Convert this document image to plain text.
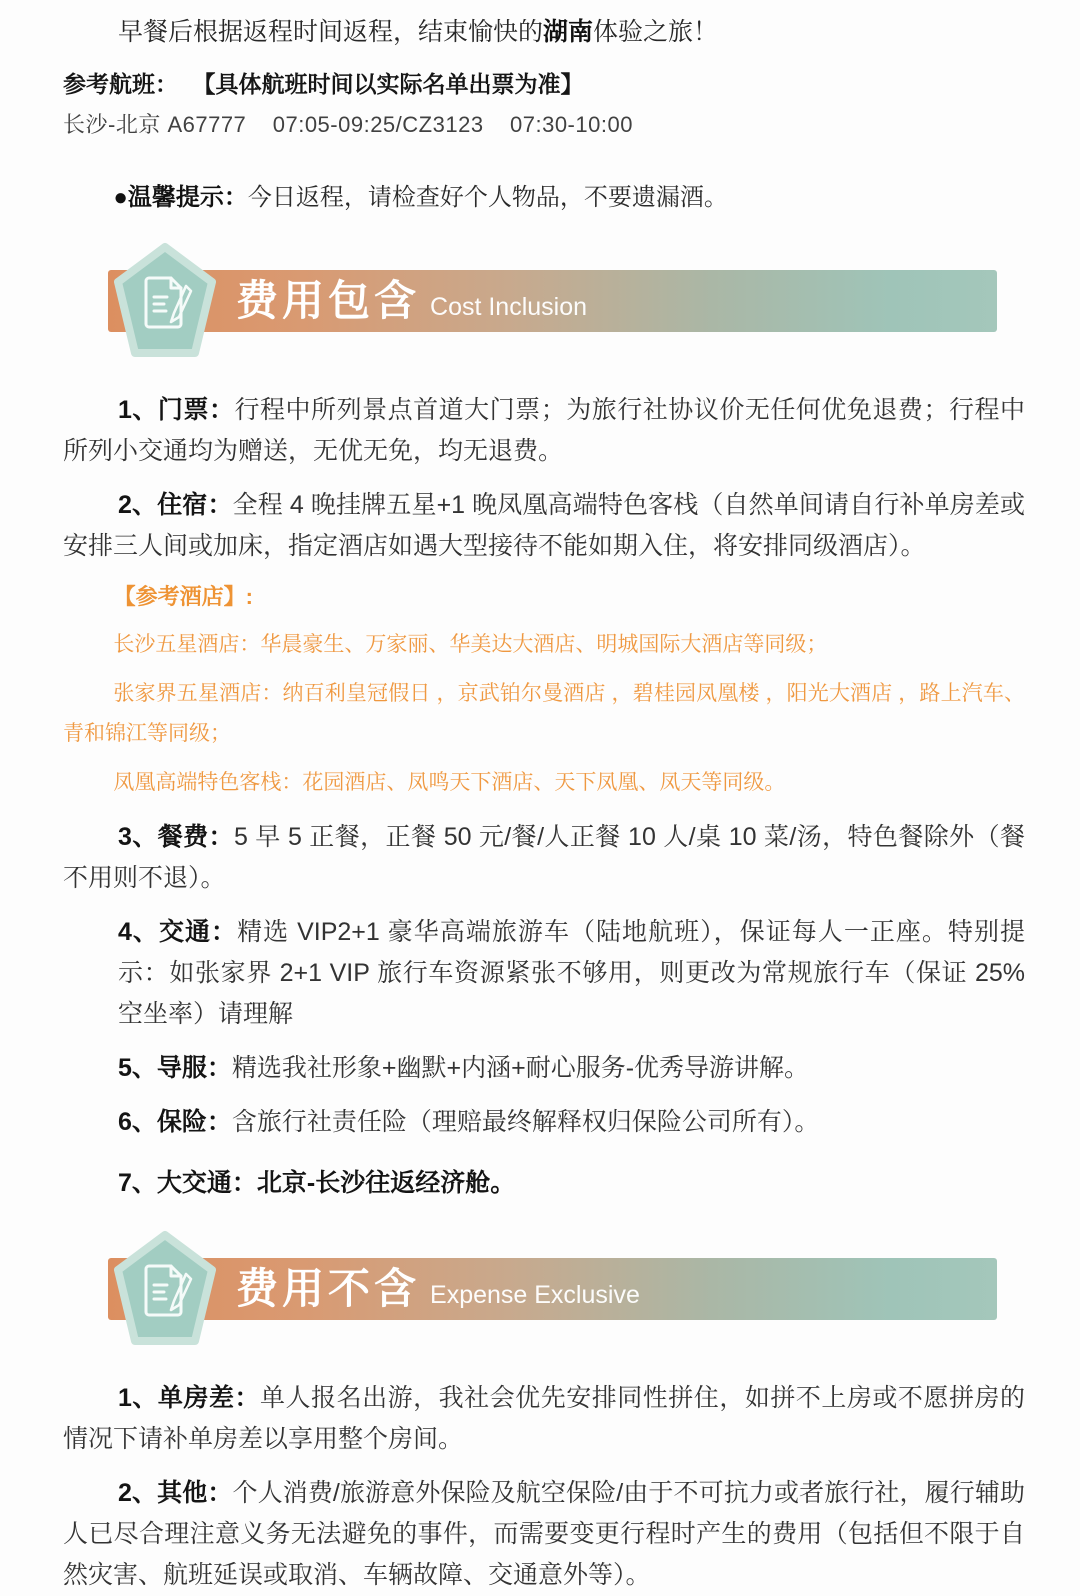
早餐后根据返程时间返程，结束愉快的湖南体验之旅！

参考航班： 【具体航班时间以实际名单出票为准】

长沙-北京 A67777    07:05-09:25/CZ3123    07:30-10:00

●温馨提示：今日返程，请检查好个人物品，不要遗漏酒。

费用包含 Cost Inclusion

1、门票：行程中所列景点首道大门票；为旅行社协议价无任何优免退费；行程中所列小交通均为赠送，无优无免，均无退费。

2、住宿：全程 4 晚挂牌五星+1 晚凤凰高端特色客栈（自然单间请自行补单房差或安排三人间或加床，指定酒店如遇大型接待不能如期入住，将安排同级酒店）。

【参考酒店】:

长沙五星酒店：华晨豪生、万家丽、华美达大酒店、明城国际大酒店等同级；

张家界五星酒店：纳百利皇冠假日 ，京武铂尔曼酒店 ，碧桂园凤凰楼 ，阳光大酒店 ，路上汽车、青和锦江等同级；

凤凰高端特色客栈：花园酒店、凤鸣天下酒店、天下凤凰、凤天等同级。

3、餐费：5 早 5 正餐，正餐 50 元/餐/人正餐 10 人/桌 10 菜/汤，特色餐除外（餐不用则不退）。

4、交通：精选 VIP2+1 豪华高端旅游车（陆地航班），保证每人一正座。特别提示：如张家界 2+1 VIP 旅行车资源紧张不够用，则更改为常规旅行车（保证 25%空坐率）请理解

5、导服：精选我社形象+幽默+内涵+耐心服务-优秀导游讲解。

6、保险：含旅行社责任险（理赔最终解释权归保险公司所有）。

7、大交通：北京-长沙往返经济舱。

费用不含 Expense Exclusive

1、单房差：单人报名出游，我社会优先安排同性拼住，如拼不上房或不愿拼房的情况下请补单房差以享用整个房间。

2、其他：个人消费/旅游意外保险及航空保险/由于不可抗力或者旅行社，履行辅助人已尽合理注意义务无法避免的事件，而需要变更行程时产生的费用（包括但不限于自然灾害、航班延误或取消、车辆故障、交通意外等）。
